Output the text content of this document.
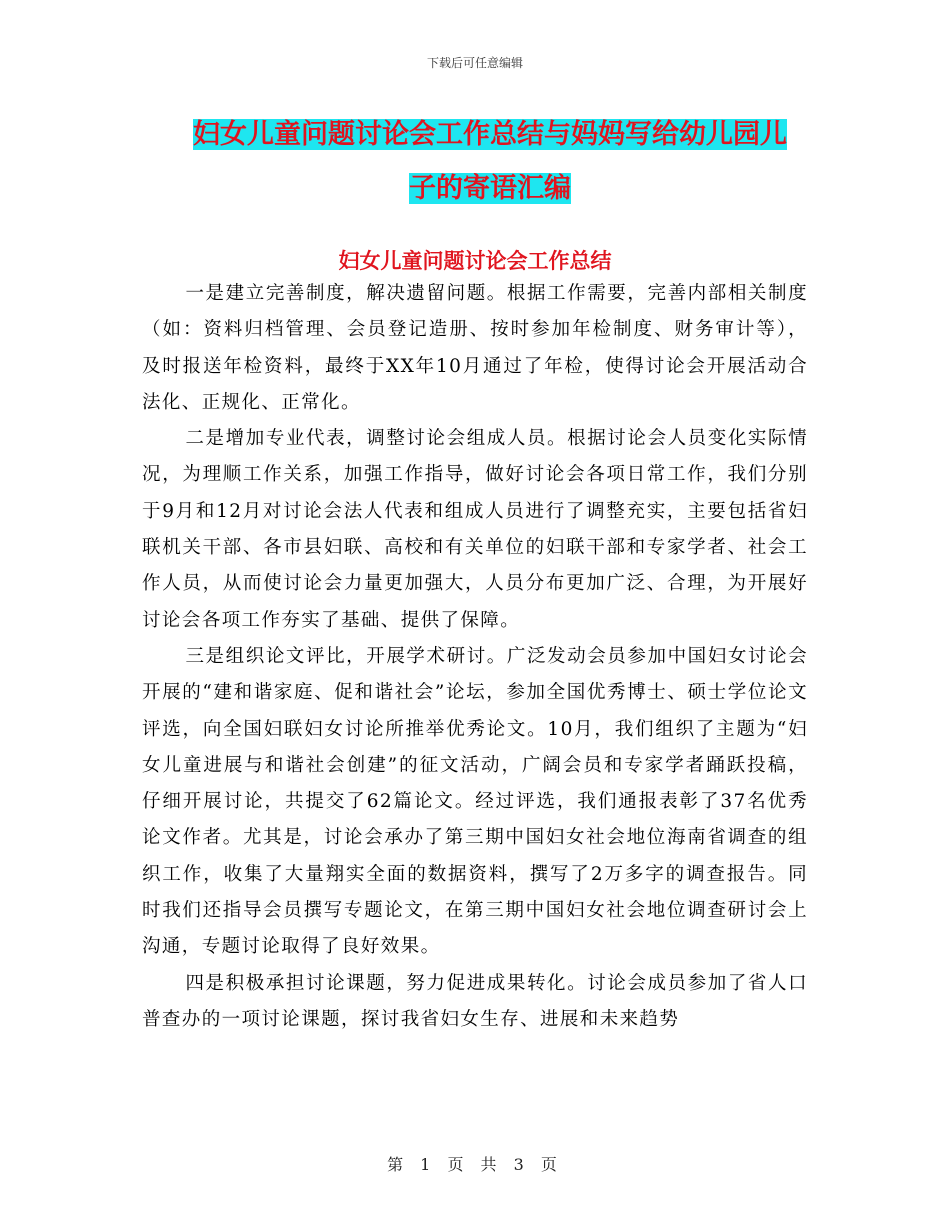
下载后可任意编辑
妇女儿童问题讨论会工作总结与妈妈写给幼儿园儿子的寄语汇编
妇女儿童问题讨论会工作总结

一是建立完善制度，解决遗留问题。根据工作需要，完善内部相关制度（如：资料归档管理、会员登记造册、按时参加年检制度、财务审计等），及时报送年检资料，最终于XX年10月通过了年检，使得讨论会开展活动合法化、正规化、正常化。

二是增加专业代表，调整讨论会组成人员。根据讨论会人员变化实际情况，为理顺工作关系，加强工作指导，做好讨论会各项日常工作，我们分别于9月和12月对讨论会法人代表和组成人员进行了调整充实，主要包括省妇联机关干部、各市县妇联、高校和有关单位的妇联干部和专家学者、社会工作人员，从而使讨论会力量更加强大，人员分布更加广泛、合理，为开展好讨论会各项工作夯实了基础、提供了保障。

三是组织论文评比，开展学术研讨。广泛发动会员参加中国妇女讨论会开展的“建和谐家庭、促和谐社会”论坛，参加全国优秀博士、硕士学位论文评选，向全国妇联妇女讨论所推举优秀论文。10月，我们组织了主题为“妇女儿童进展与和谐社会创建”的征文活动，广阔会员和专家学者踊跃投稿，仔细开展讨论，共提交了62篇论文。经过评选，我们通报表彰了37名优秀论文作者。尤其是，讨论会承办了第三期中国妇女社会地位海南省调查的组织工作，收集了大量翔实全面的数据资料，撰写了2万多字的调查报告。同时我们还指导会员撰写专题论文，在第三期中国妇女社会地位调查研讨会上沟通，专题讨论取得了良好效果。

四是积极承担讨论课题，努力促进成果转化。讨论会成员参加了省人口普查办的一项讨论课题，探讨我省妇女生存、进展和未来趋势

第 1 页 共 3 页
